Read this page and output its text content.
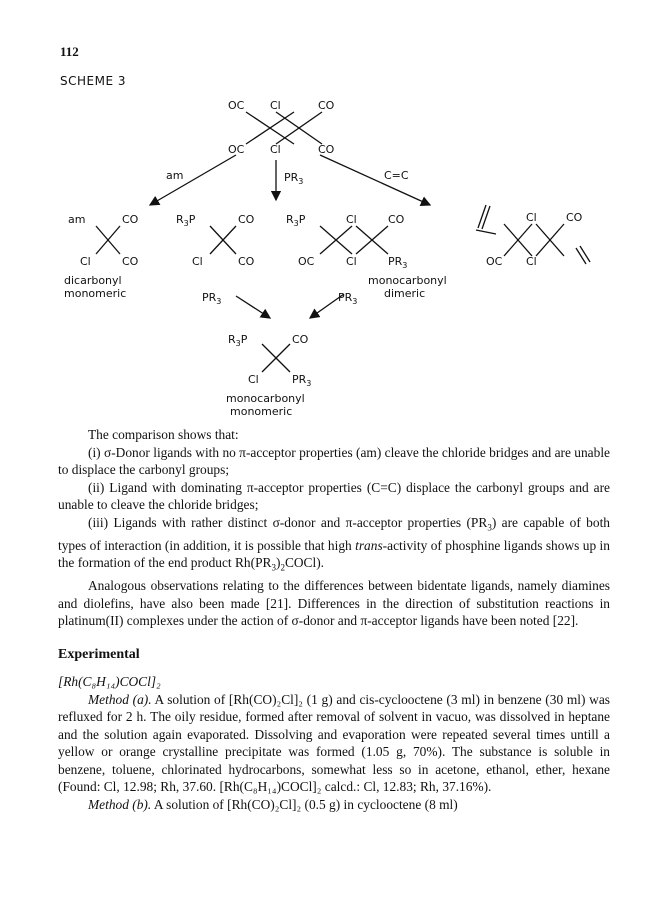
112
SCHEME 3
OC Cl	CO
OC Cl	CO
am	$PR_3$	C=C
am	CO
Cl	CO
$R_3P$	CO
Cl	CO
$R_3P$	Cl	CO
OC	Cl	$PR_3$
Cl	CO
OC Cl
dicarbonyl
monomeric
monocarbonyl
dimeric
$PR_3$	$PR_3$
$R_3P$	CO
Cl	$PR_3$
monocarbonyl
monomeric

The comparison shows that:

(i) σ-Donor ligands with no π-acceptor properties (am) cleave the chloride bridges and are unable to displace the carbonyl groups;

(ii) Ligand with dominating π-acceptor properties (C=C) displace the carbonyl groups and are unable to cleave the chloride bridges;

(iii) Ligands with rather distinct σ-donor and π-acceptor properties $(PR_3)$ are capable of both types of interaction (in addition, it is possible that high trans-activity of phosphine ligands shows up in the formation of the end product $Rh(PR_3)_2COCl$).

Analogous observations relating to the differences between bidentate ligands, namely diamines and diolefins, have also been made [21]. Differences in the direction of substitution reactions in platinum(II) complexes under the action of σ-donor and π-acceptor ligands have been noted [22].

Experimental

[Rh(C₈H₁₄)COCl]₂

Method (a). A solution of [Rh(CO)₂Cl]₂ (1 g) and cis-cyclooctene (3 ml) in benzene (30 ml) was refluxed for 2 h. The oily residue, formed after removal of solvent in vacuo, was dissolved in heptane and the solution again evaporated. Dissolving and evaporation were repeated several times untill a yellow or orange crystalline precipitate was formed (1.05 g, 70%). The substance is soluble in benzene, toluene, chlorinated hydrocarbons, somewhat less so in acetone, ethanol, ether, hexane (Found: Cl, 12.98; Rh, 37.60. [Rh(C₈H₁₄)COCl]₂ calcd.: Cl, 12.83; Rh, 37.16%).

Method (b). A solution of [Rh(CO)₂Cl]₂ (0.5 g) in cyclooctene (8 ml)
